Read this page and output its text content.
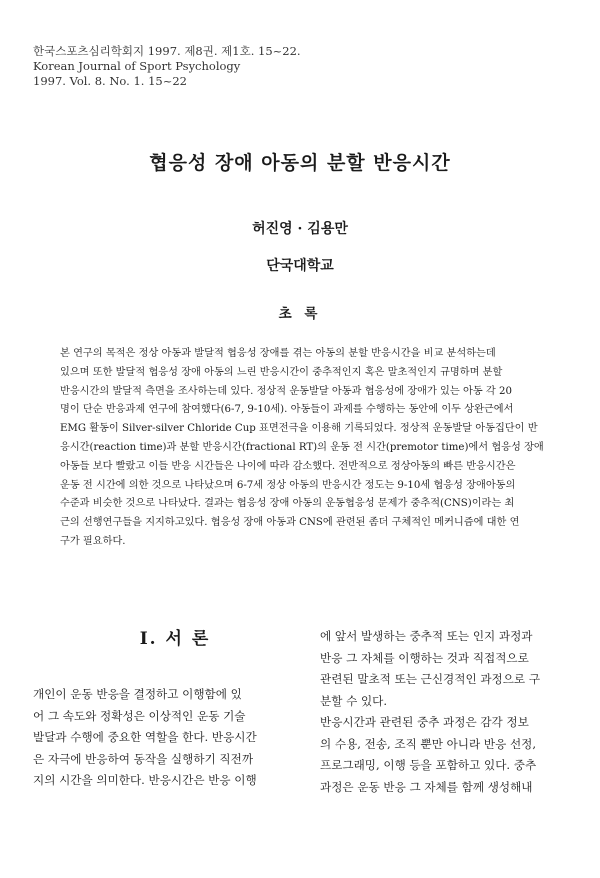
한국스포츠심리학회지 1997. 제8권. 제1호. 15~22.
Korean Journal of Sport Psychology
1997. Vol. 8. No. 1. 15~22
협응성 장애 아동의 분할 반응시간
허진영 · 김용만
단국대학교
초 록
본 연구의 목적은 정상 아동과 발달적 협응성 장애를 겪는 아동의 분할 반응시간을 비교 분석하는데
있으며 또한 발달적 협응성 장애 아동의 느린 반응시간이 중추적인지 혹은 말초적인지 규명하며 분할
반응시간의 발달적 측면을 조사하는데 있다. 정상적 운동발달 아동과 협응성에 장애가 있는 아동 각 20
명이 단순 반응과제 연구에 참여했다(6-7, 9-10세). 아동들이 과제를 수행하는 동안에 이두 상완근에서
EMG 활동이 Silver-silver Chloride Cup 표면전극을 이용해 기록되었다. 정상적 운동발달 아동집단이 반
응시간(reaction time)과 분할 반응시간(fractional RT)의 운동 전 시간(premotor time)에서 협응성 장애
아동들 보다 빨랐고 이들 반응 시간들은 나이에 따라 감소했다. 전반적으로 정상아동의 빠른 반응시간은
운동 전 시간에 의한 것으로 나타났으며 6-7세 정상 아동의 반응시간 정도는 9-10세 협응성 장애아동의
수준과 비슷한 것으로 나타났다. 결과는 협응성 장애 아동의 운동협응성 문제가 중추적(CNS)이라는 최
근의 선행연구들을 지지하고있다. 협응성 장애 아동과 CNS에 관련된 좀더 구체적인 메커니즘에 대한 연
구가 필요하다.
Ⅰ. 서 론
개인이 운동 반응을 결정하고 이행함에 있
어 그 속도와 정확성은 이상적인 운동 기술
발달과 수행에 중요한 역할을 한다. 반응시간
은 자극에 반응하여 동작을 실행하기 직전까
지의 시간을 의미한다. 반응시간은 반응 이행
에 앞서 발생하는 중추적 또는 인지 과정과
반응 그 자체를 이행하는 것과 직접적으로
관련된 말초적 또는 근신경적인 과정으로 구
분할 수 있다.
반응시간과 관련된 중추 과정은 감각 정보
의 수용, 전송, 조직 뿐만 아니라 반응 선정,
프로그래밍, 이행 등을 포함하고 있다. 중추
과정은 운동 반응 그 자체를 함께 생성해내
